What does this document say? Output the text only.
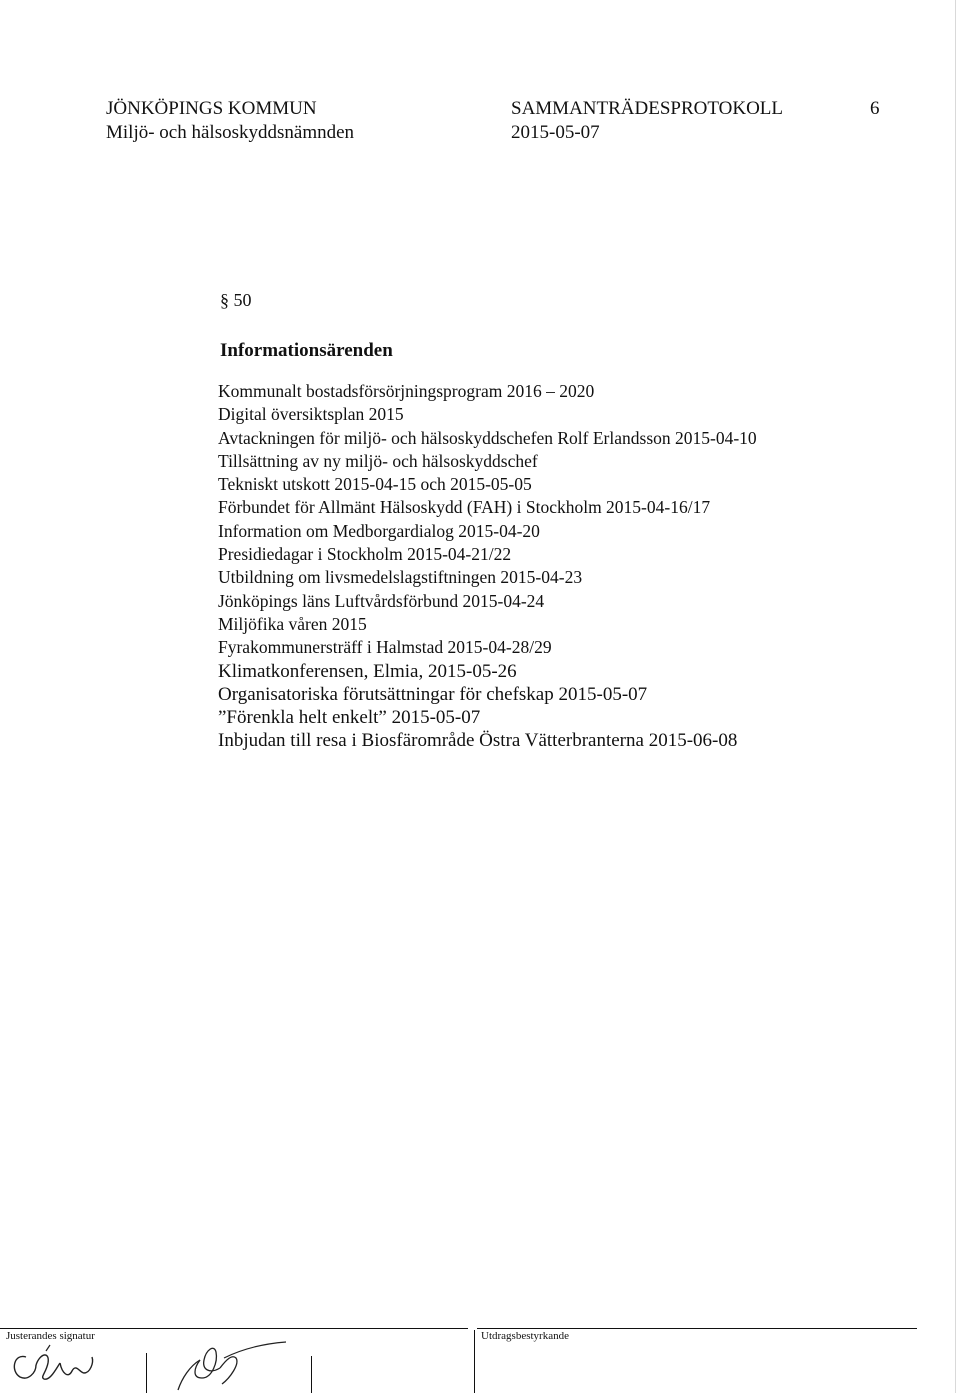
JÖNKÖPINGS KOMMUN
Miljö- och hälsoskyddsnämnden
SAMMANTRÄDESPROTOKOLL
2015-05-07
6
§ 50
Informationsärenden
Kommunalt bostadsförsörjningsprogram 2016 – 2020
Digital översiktsplan 2015
Avtackningen för miljö- och hälsoskyddschefen Rolf Erlandsson 2015-04-10
Tillsättning av ny miljö- och hälsoskyddschef
Tekniskt utskott 2015-04-15 och 2015-05-05
Förbundet för Allmänt Hälsoskydd (FAH) i Stockholm 2015-04-16/17
Information om Medborgardialog 2015-04-20
Presidiedagar i Stockholm 2015-04-21/22
Utbildning om livsmedelslagstiftningen 2015-04-23
Jönköpings läns Luftvårdsförbund 2015-04-24
Miljöfika våren 2015
Fyrakommunersträff i Halmstad 2015-04-28/29
Klimatkonferensen, Elmia, 2015-05-26
Organisatoriska förutsättningar för chefskap 2015-05-07
”Förenkla helt enkelt” 2015-05-07
Inbjudan till resa i Biosfärområde Östra Vätterbranterna 2015-06-08
Justerandes signatur	Utdragsbestyrkande
